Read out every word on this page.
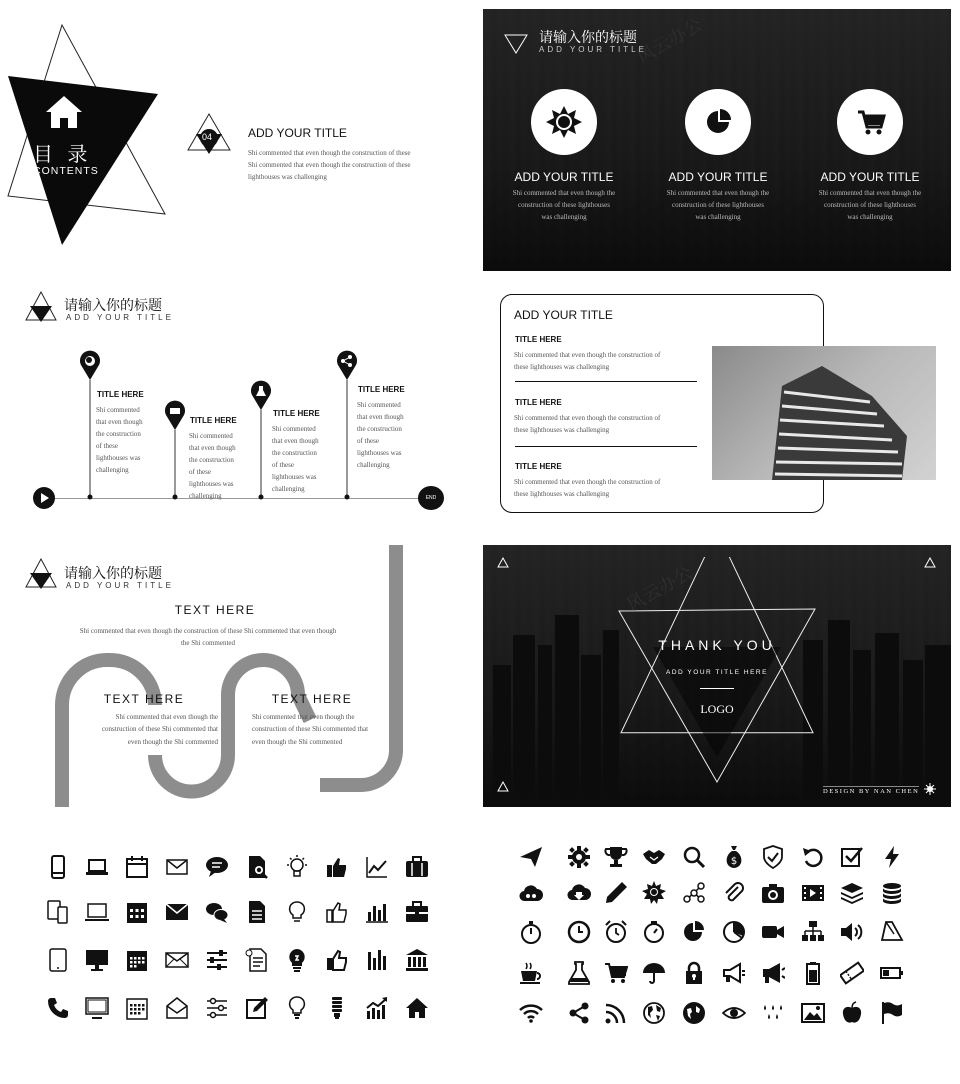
目 录
CONTENTS
04	ADD YOUR TITLE
Shi commented that even though the construction of these
Shi commented that even though the construction of these
lighthouses was challenging
请输入你的标题
ADD YOUR TITLE
风云办公
ADD YOUR TITLE
Shi commented that even though the
construction of these lighthouses
was challenging
ADD YOUR TITLE
Shi commented that even though the
construction of these lighthouses
was challenging
ADD YOUR TITLE
Shi commented that even though the
construction of these lighthouses
was challenging
请输入你的标题
ADD YOUR TITLE
END
TITLE HERE
Shi commented
that even though
the construction
of these
lighthouses was
challenging
TITLE HERE
Shi commented
that even though
the construction
of these
lighthouses was
challenging
TITLE HERE
Shi commented
that even though
the construction
of these
lighthouses was
challenging
TITLE HERE
Shi commented
that even though
the construction
of these
lighthouses was
challenging
ADD YOUR TITLE
TITLE HERE
Shi commented that even though the construction of
these lighthouses was challenging
TITLE HERE
Shi commented that even though the construction of
these lighthouses was challenging
TITLE HERE
Shi commented that even though the construction of
these lighthouses was challenging
请输入你的标题
ADD YOUR TITLE
TEXT HERE
Shi commented that even though the construction of these Shi commented that even though
the Shi commented
TEXT HERE
Shi commented that even though the
construction of these Shi commented that
even though the Shi commented
TEXT HERE
Shi commented that even though the
construction of these Shi commented that
even though the Shi commented
风云办公
THANK YOU
ADD YOUR TITLE HERE
LOGO
DESIGN BY NAN CHEN
$
